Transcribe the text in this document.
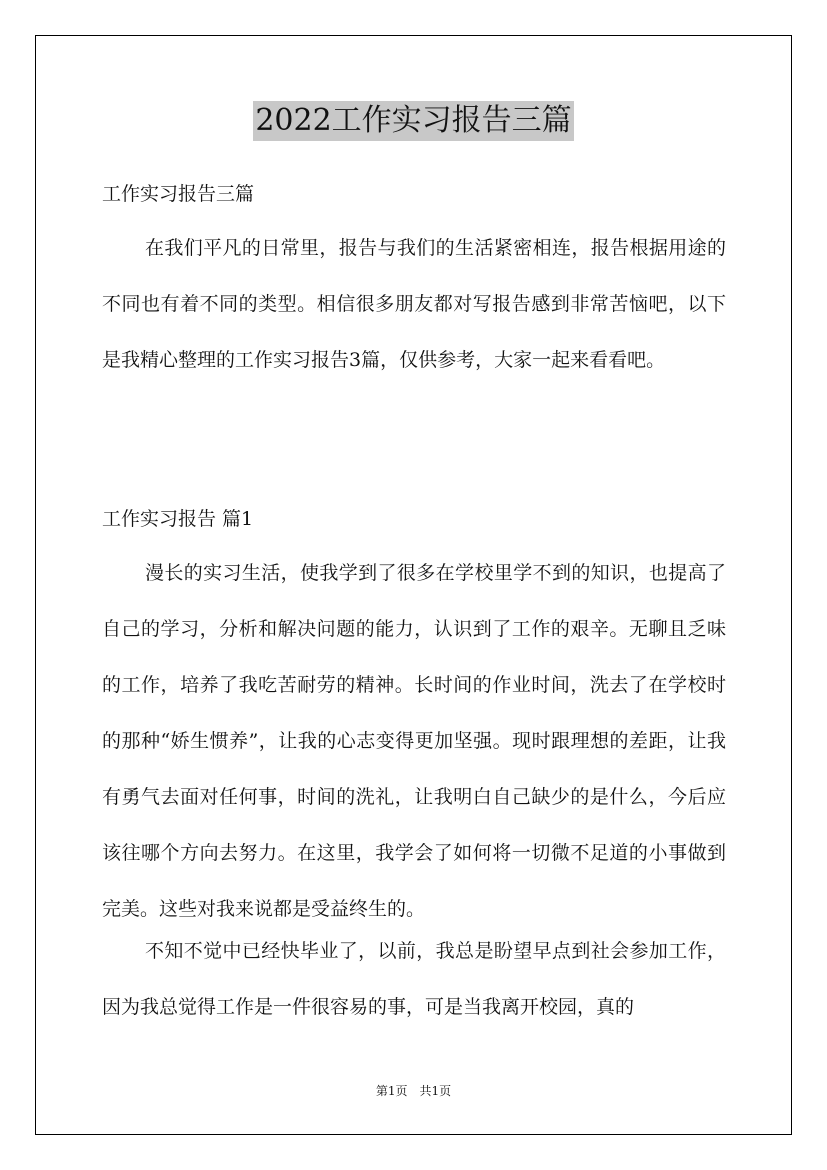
2022工作实习报告三篇

工作实习报告三篇

在我们平凡的日常里，报告与我们的生活紧密相连，报告根据用途的不同也有着不同的类型。相信很多朋友都对写报告感到非常苦恼吧，以下是我精心整理的工作实习报告3篇，仅供参考，大家一起来看看吧。

工作实习报告 篇1

漫长的实习生活，使我学到了很多在学校里学不到的知识，也提高了自己的学习，分析和解决问题的能力，认识到了工作的艰辛。无聊且乏味的工作，培养了我吃苦耐劳的精神。长时间的作业时间，洗去了在学校时的那种“娇生惯养”，让我的心志变得更加坚强。现时跟理想的差距，让我有勇气去面对任何事，时间的洗礼，让我明白自己缺少的是什么，今后应该往哪个方向去努力。在这里，我学会了如何将一切微不足道的小事做到完美。这些对我来说都是受益终生的。

不知不觉中已经快毕业了，以前，我总是盼望早点到社会参加工作，因为我总觉得工作是一件很容易的事，可是当我离开校园，真的

第1页　共1页
